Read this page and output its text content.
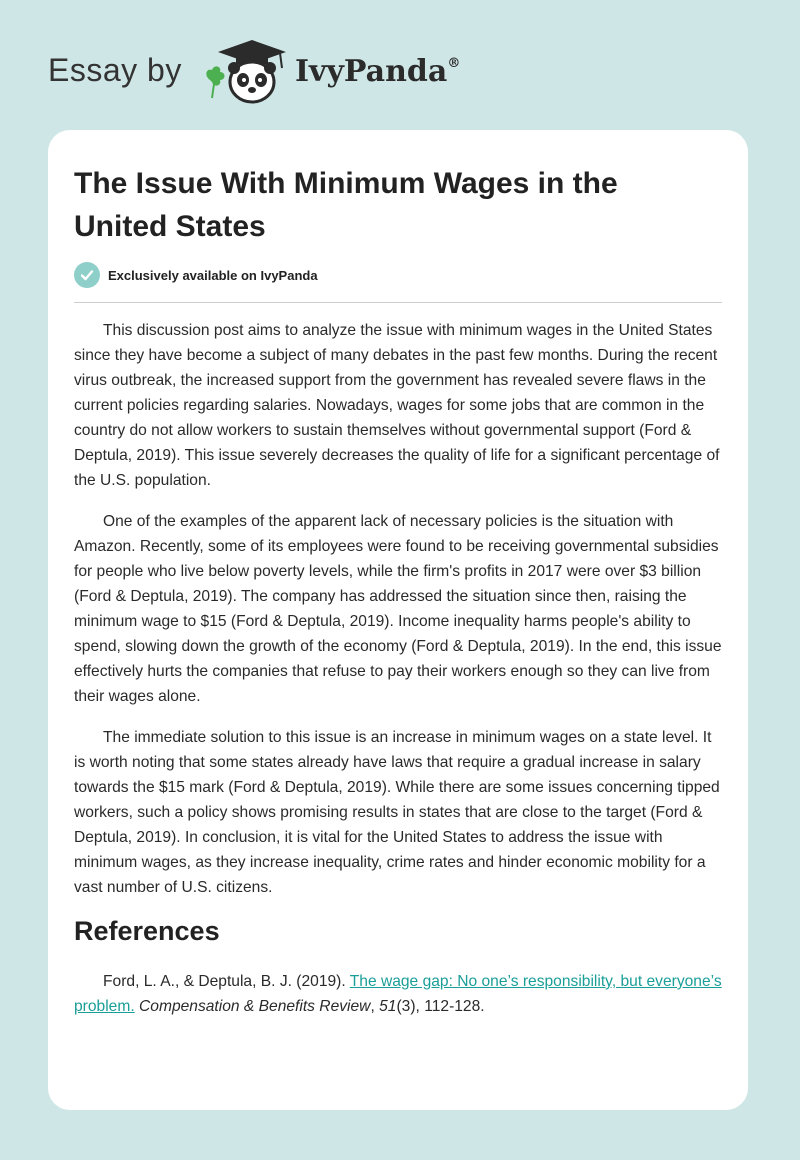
Essay by	IvyPanda®
The Issue With Minimum Wages in the United States
Exclusively available on IvyPanda

This discussion post aims to analyze the issue with minimum wages in the United States since they have become a subject of many debates in the past few months. During the recent virus outbreak, the increased support from the government has revealed severe flaws in the current policies regarding salaries. Nowadays, wages for some jobs that are common in the country do not allow workers to sustain themselves without governmental support (Ford & Deptula, 2019). This issue severely decreases the quality of life for a significant percentage of the U.S. population.

One of the examples of the apparent lack of necessary policies is the situation with Amazon. Recently, some of its employees were found to be receiving governmental subsidies for people who live below poverty levels, while the firm's profits in 2017 were over $3 billion (Ford & Deptula, 2019). The company has addressed the situation since then, raising the minimum wage to $15 (Ford & Deptula, 2019). Income inequality harms people's ability to spend, slowing down the growth of the economy (Ford & Deptula, 2019). In the end, this issue effectively hurts the companies that refuse to pay their workers enough so they can live from their wages alone.

The immediate solution to this issue is an increase in minimum wages on a state level. It is worth noting that some states already have laws that require a gradual increase in salary towards the $15 mark (Ford & Deptula, 2019). While there are some issues concerning tipped workers, such a policy shows promising results in states that are close to the target (Ford & Deptula, 2019). In conclusion, it is vital for the United States to address the issue with minimum wages, as they increase inequality, crime rates and hinder economic mobility for a vast number of U.S. citizens.

References

Ford, L. A., & Deptula, B. J. (2019). The wage gap: No one’s responsibility, but everyone’s problem. Compensation & Benefits Review, 51(3), 112-128.
